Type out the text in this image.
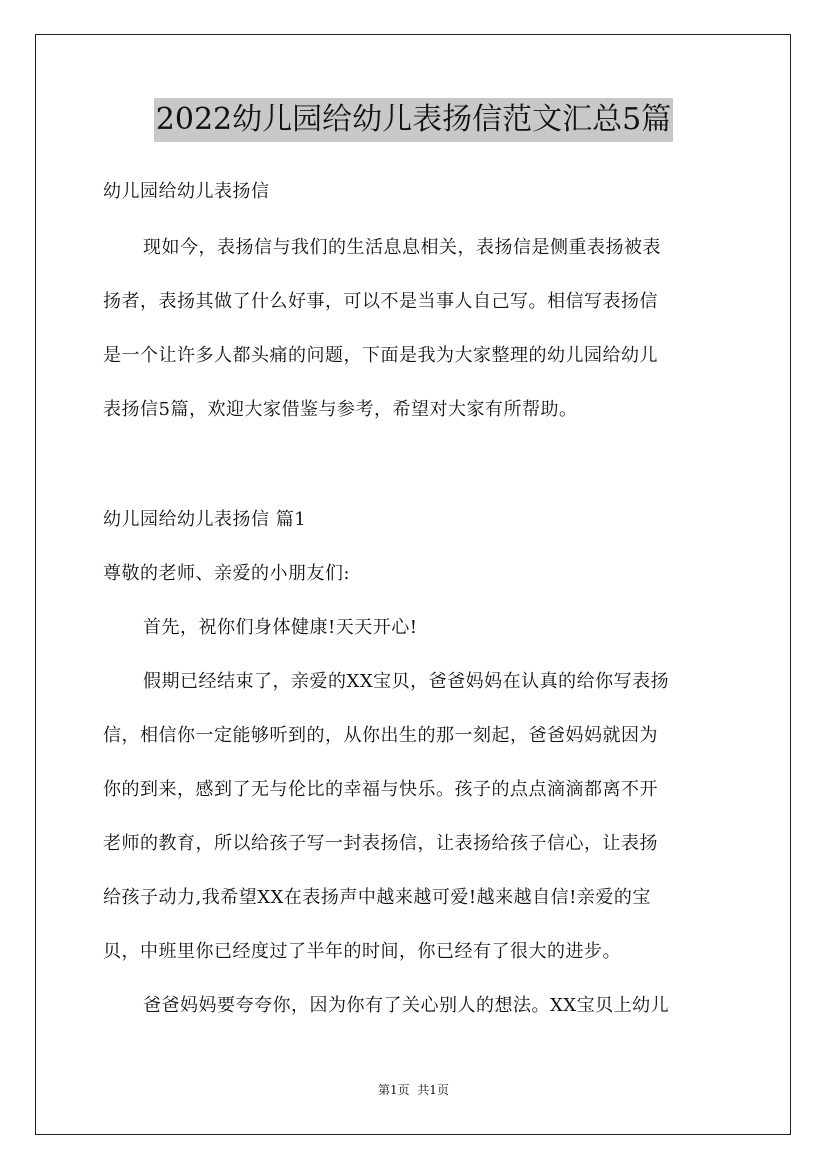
2022幼儿园给幼儿表扬信范文汇总5篇
幼儿园给幼儿表扬信
现如今，表扬信与我们的生活息息相关，表扬信是侧重表扬被表
扬者，表扬其做了什么好事，可以不是当事人自己写。相信写表扬信
是一个让许多人都头痛的问题，下面是我为大家整理的幼儿园给幼儿
表扬信5篇，欢迎大家借鉴与参考，希望对大家有所帮助。
幼儿园给幼儿表扬信 篇1
尊敬的老师、亲爱的小朋友们:
首先，祝你们身体健康!天天开心!
假期已经结束了，亲爱的XX宝贝，爸爸妈妈在认真的给你写表扬
信，相信你一定能够听到的，从你出生的那一刻起，爸爸妈妈就因为
你的到来，感到了无与伦比的幸福与快乐。孩子的点点滴滴都离不开
老师的教育，所以给孩子写一封表扬信，让表扬给孩子信心，让表扬
给孩子动力,我希望XX在表扬声中越来越可爱!越来越自信!亲爱的宝
贝，中班里你已经度过了半年的时间，你已经有了很大的进步。
爸爸妈妈要夸夸你，因为你有了关心别人的想法。XX宝贝上幼儿
第1页  共1页
